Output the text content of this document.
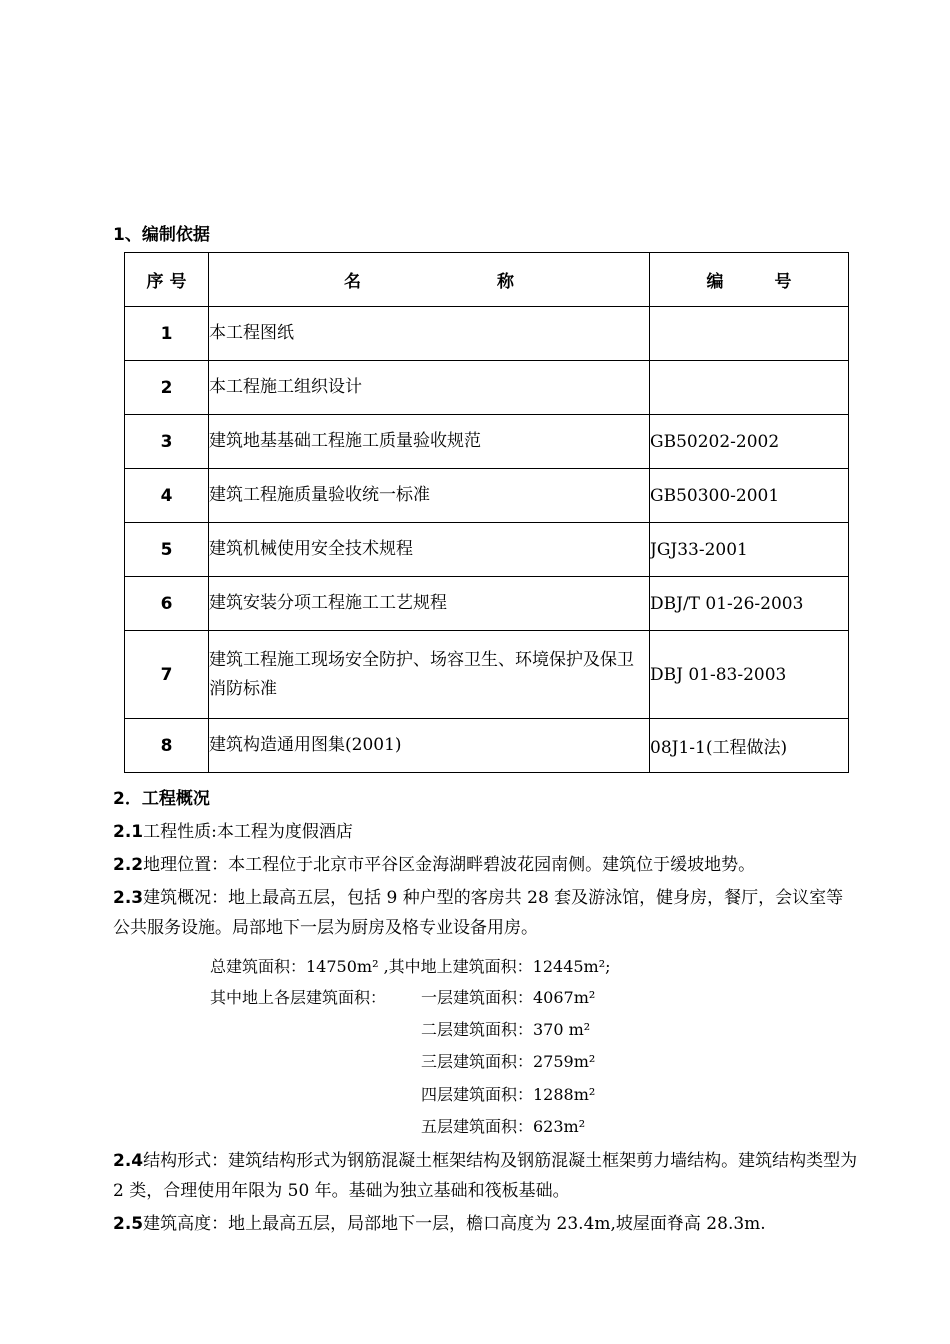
1、编制依据
序 号	名　　　　　　　　称	编　　　号
1	本工程图纸	
2	本工程施工组织设计	
3	建筑地基基础工程施工质量验收规范	GB50202-2002
4	建筑工程施质量验收统一标准	GB50300-2001
5	建筑机械使用安全技术规程	JGJ33-2001
6	建筑安装分项工程施工工艺规程	DBJ/T 01-26-2003
7	建筑工程施工现场安全防护、场容卫生、环境保护及保卫消防标准	DBJ 01-83-2003
8	建筑构造通用图集(2001)	08J1-1(工程做法)
2．工程概况
2.1工程性质:本工程为度假酒店
2.2地理位置：本工程位于北京市平谷区金海湖畔碧波花园南侧。建筑位于缓坡地势。
2.3建筑概况：地上最高五层，包括 9 种户型的客房共 28 套及游泳馆，健身房，餐厅，会议室等公共服务设施。局部地下一层为厨房及格专业设备用房。
总建筑面积：14750m² ,其中地上建筑面积：12445m²;
其中地上各层建筑面积： 一层建筑面积：4067m²
二层建筑面积：370 m²
三层建筑面积：2759m²
四层建筑面积：1288m²
五层建筑面积：623m²
2.4结构形式：建筑结构形式为钢筋混凝土框架结构及钢筋混凝土框架剪力墙结构。建筑结构类型为 2 类，合理使用年限为 50 年。基础为独立基础和筏板基础。
2.5建筑高度：地上最高五层，局部地下一层，檐口高度为 23.4m,坡屋面脊高 28.3m.
